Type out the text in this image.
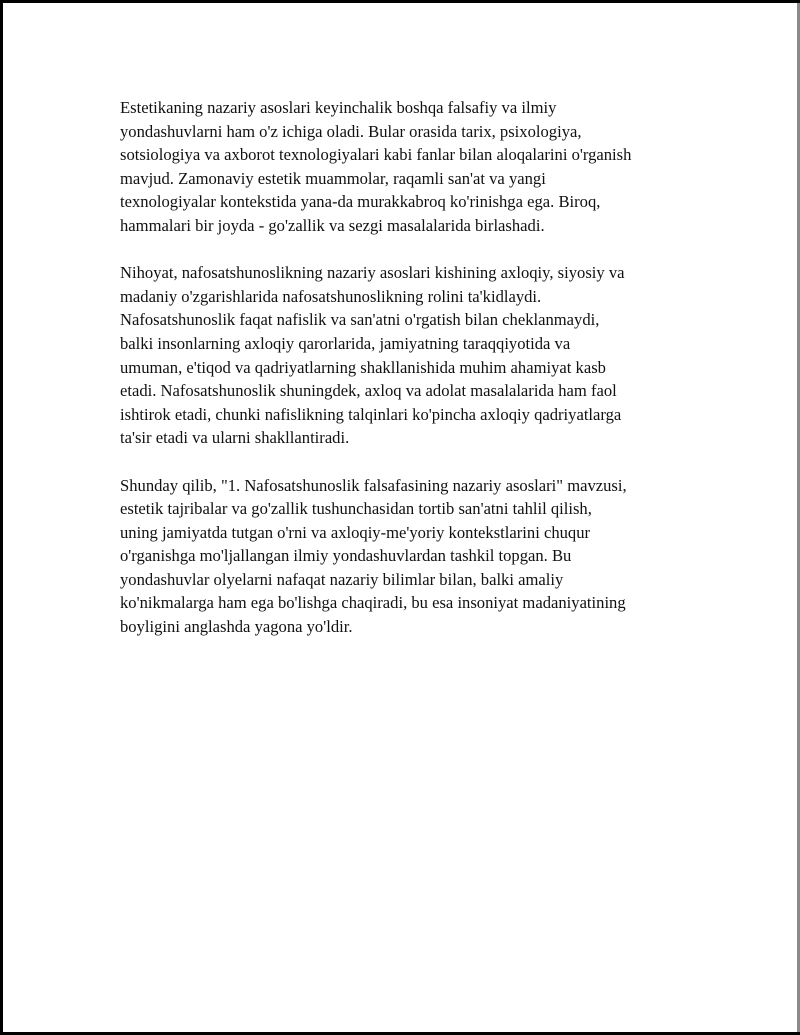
Estetikaning nazariy asoslari keyinchalik boshqa falsafiy va ilmiy
yondashuvlarni ham o'z ichiga oladi. Bular orasida tarix, psixologiya,
sotsiologiya va axborot texnologiyalari kabi fanlar bilan aloqalarini o'rganish
mavjud. Zamonaviy estetik muammolar, raqamli san'at va yangi
texnologiyalar kontekstida yana-da murakkabroq ko'rinishga ega. Biroq,
hammalari bir joyda - go'zallik va sezgi masalalarida birlashadi.

Nihoyat, nafosatshunoslikning nazariy asoslari kishining axloqiy, siyosiy va
madaniy o'zgarishlarida nafosatshunoslikning rolini ta'kidlaydi.
Nafosatshunoslik faqat nafislik va san'atni o'rgatish bilan cheklanmaydi,
balki insonlarning axloqiy qarorlarida, jamiyatning taraqqiyotida va
umuman, e'tiqod va qadriyatlarning shakllanishida muhim ahamiyat kasb
etadi. Nafosatshunoslik shuningdek, axloq va adolat masalalarida ham faol
ishtirok etadi, chunki nafislikning talqinlari ko'pincha axloqiy qadriyatlarga
ta'sir etadi va ularni shakllantiradi.

Shunday qilib, "1. Nafosatshunoslik falsafasining nazariy asoslari" mavzusi,
estetik tajribalar va go'zallik tushunchasidan tortib san'atni tahlil qilish,
uning jamiyatda tutgan o'rni va axloqiy-me'yoriy kontekstlarini chuqur
o'rganishga mo'ljallangan ilmiy yondashuvlardan tashkil topgan. Bu
yondashuvlar olyelarni nafaqat nazariy bilimlar bilan, balki amaliy
ko'nikmalarga ham ega bo'lishga chaqiradi, bu esa insoniyat madaniyatining
boyligini anglashda yagona yo'ldir.
